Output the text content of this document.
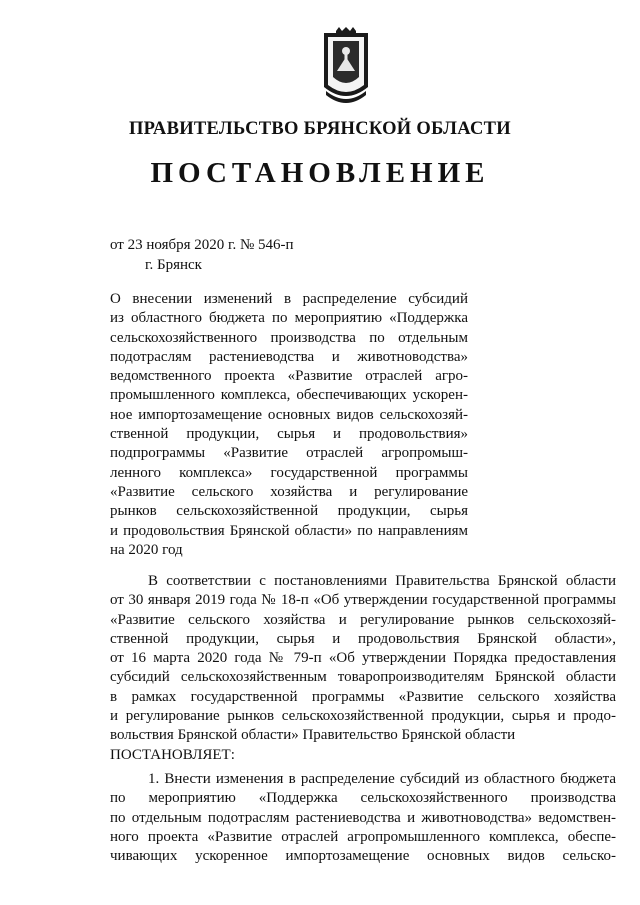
ПРАВИТЕЛЬСТВО БРЯНСКОЙ ОБЛАСТИ
ПОСТАНОВЛЕНИЕ
от 23 ноября 2020 г. № 546-п
г. Брянск
О внесении изменений в распределение субсидий
из областного бюджета по мероприятию «Поддержка
сельскохозяйственного производства по отдельным
подотраслям растениеводства и животноводства»
ведомственного проекта «Развитие отраслей агро-
промышленного комплекса, обеспечивающих ускорен-
ное импортозамещение основных видов сельскохозяй-
ственной продукции, сырья и продовольствия»
подпрограммы «Развитие отраслей агропромыш-
ленного комплекса» государственной программы
«Развитие сельского хозяйства и регулирование
рынков сельскохозяйственной продукции, сырья
и продовольствия Брянской области» по направлениям
на 2020 год
В соответствии с постановлениями Правительства Брянской области
от 30 января 2019 года № 18-п «Об утверждении государственной программы
«Развитие сельского хозяйства и регулирование рынков сельскохозяй-
ственной продукции, сырья и продовольствия Брянской области»,
от 16 марта 2020 года № 79-п «Об утверждении Порядка предоставления
субсидий сельскохозяйственным товаропроизводителям Брянской области
в рамках государственной программы «Развитие сельского хозяйства
и регулирование рынков сельскохозяйственной продукции, сырья и продо-
вольствия Брянской области» Правительство Брянской области
ПОСТАНОВЛЯЕТ:
1. Внести изменения в распределение субсидий из областного бюджета
по мероприятию «Поддержка сельскохозяйственного производства
по отдельным подотраслям растениеводства и животноводства» ведомствен-
ного проекта «Развитие отраслей агропромышленного комплекса, обеспе-
чивающих ускоренное импортозамещение основных видов сельско-
